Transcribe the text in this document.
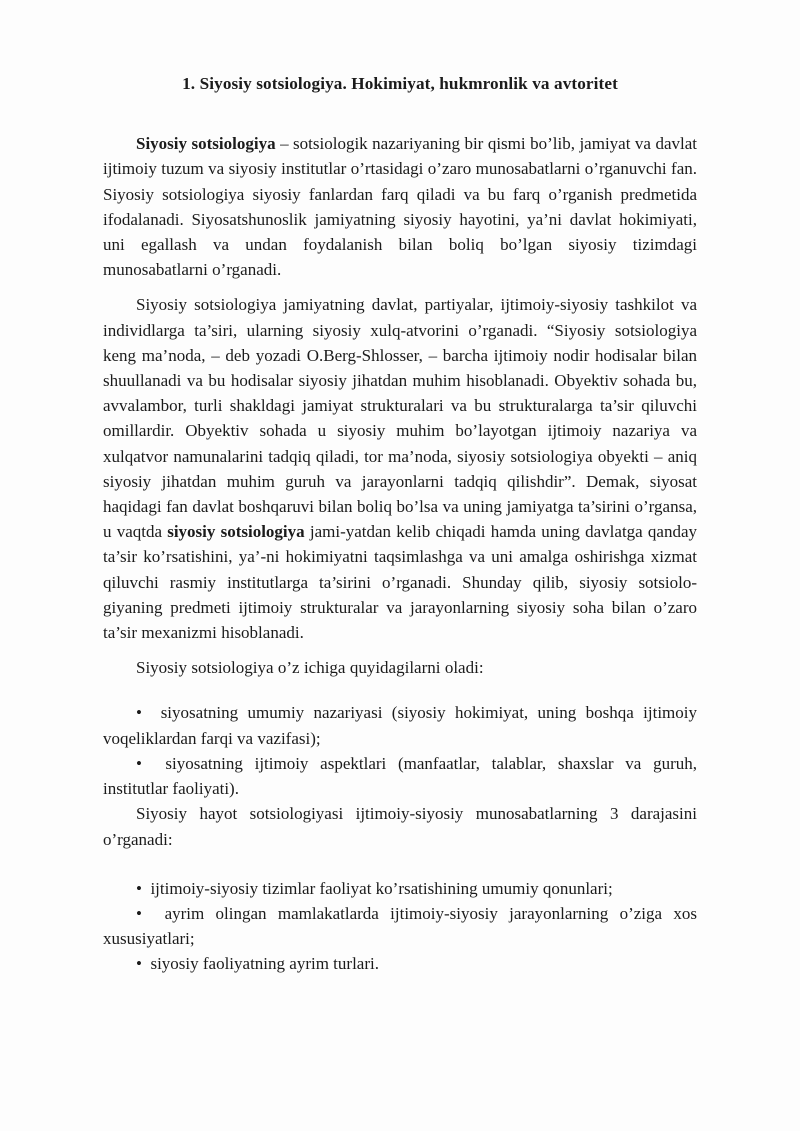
1. Siyosiy sotsiologiya. Hokimiyat, hukmronlik va avtoritet

Siyosiy sotsiologiya – sotsiologik nazariyaning bir qismi bo’lib, jamiyat va davlat ijtimoiy tuzum va siyosiy institutlar o’rtasidagi o’zaro munosabatlarni o’rganuvchi fan. Siyosiy sotsiologiya siyosiy fanlardan farq qiladi va bu farq o’rganish predmetida ifodalanadi. Siyosatshunoslik jamiyatning siyosiy hayotini, ya’ni davlat hokimiyati, uni egallash va undan foydalanish bilan boliq bo’lgan siyosiy tizimdagi munosabatlarni o’rganadi.

Siyosiy sotsiologiya jamiyatning davlat, partiyalar, ijtimoiy-siyosiy tashkilot va individlarga ta’siri, ularning siyosiy xulq-atvorini o’rganadi. “Siyosiy sotsiologiya keng ma’noda, – deb yozadi O.Berg-Shlosser, – barcha ijtimoiy nodir hodisalar bilan shuullanadi va bu hodisalar siyosiy jihatdan muhim hisoblanadi. Obyektiv sohada bu, avvalambor, turli shakldagi jamiyat strukturalari va bu strukturalarga ta’sir qiluvchi omillardir. Obyektiv sohada u siyosiy muhim bo’layotgan ijtimoiy nazariya va xulqatvor namunalarini tadqiq qiladi, tor ma’noda, siyosiy sotsiologiya obyekti – aniq siyosiy jihatdan muhim guruh va jarayonlarni tadqiq qilishdir”. Demak, siyosat haqidagi fan davlat boshqaruvi bilan boliq bo’lsa va uning jamiyatga ta’sirini o’rgansa, u vaqtda siyosiy sotsiologiya jami-yatdan kelib chiqadi hamda uning davlatga qanday ta’sir ko’rsatishini, ya’-ni hokimiyatni taqsimlashga va uni amalga oshirishga xizmat qiluvchi rasmiy institutlarga ta’sirini o’rganadi. Shunday qilib, siyosiy sotsiolo-giyaning predmeti ijtimoiy strukturalar va jarayonlarning siyosiy soha bilan o’zaro ta’sir mexanizmi hisoblanadi.

Siyosiy sotsiologiya o’z ichiga quyidagilarni oladi:

• siyosatning umumiy nazariyasi (siyosiy hokimiyat, uning boshqa ijtimoiy voqeliklardan farqi va vazifasi);

• siyosatning ijtimoiy aspektlari (manfaatlar, talablar, shaxslar va guruh, institutlar faoliyati).

Siyosiy hayot sotsiologiyasi ijtimoiy-siyosiy munosabatlarning 3 darajasini o’rganadi:

• ijtimoiy-siyosiy tizimlar faoliyat ko’rsatishining umumiy qonunlari;

• ayrim olingan mamlakatlarda ijtimoiy-siyosiy jarayonlarning o’ziga xos xususiyatlari;

• siyosiy faoliyatning ayrim turlari.
